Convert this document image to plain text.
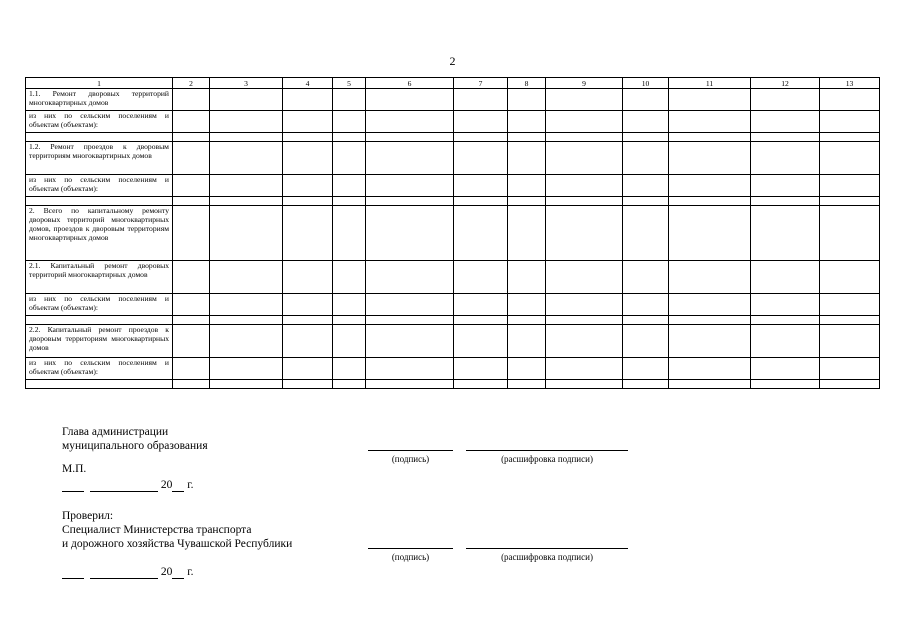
2
1	2	3	4	5	6	7	8	9	10	11	12	13
1.1. Ремонт дворовых территорий многоквартирных домов												
из них по сельским поселениям и объектам (объектам):												

1.2. Ремонт проездов к дворовым территориям многоквартирных домов												
из них по сельским поселениям и объектам (объектам):												

2. Всего по капитальному ремонту дворовых территорий многоквартирных домов, проездов к дворовым территориям многоквартирных домов												
2.1. Капитальный ремонт дворовых территорий многоквартирных домов												
из них по сельским поселениям и объектам (объектам):												

2.2. Капитальный ремонт проездов к дворовым территориям многоквартирных домов												
из них по сельским поселениям и объектам (объектам):												

Глава администрации
муниципального образования
(подпись)	(расшифровка подписи)
М.П.
20 г.
Проверил:
Специалист Министерства транспорта
и дорожного хозяйства Чувашской Республики
(подпись)	(расшифровка подписи)
20 г.
